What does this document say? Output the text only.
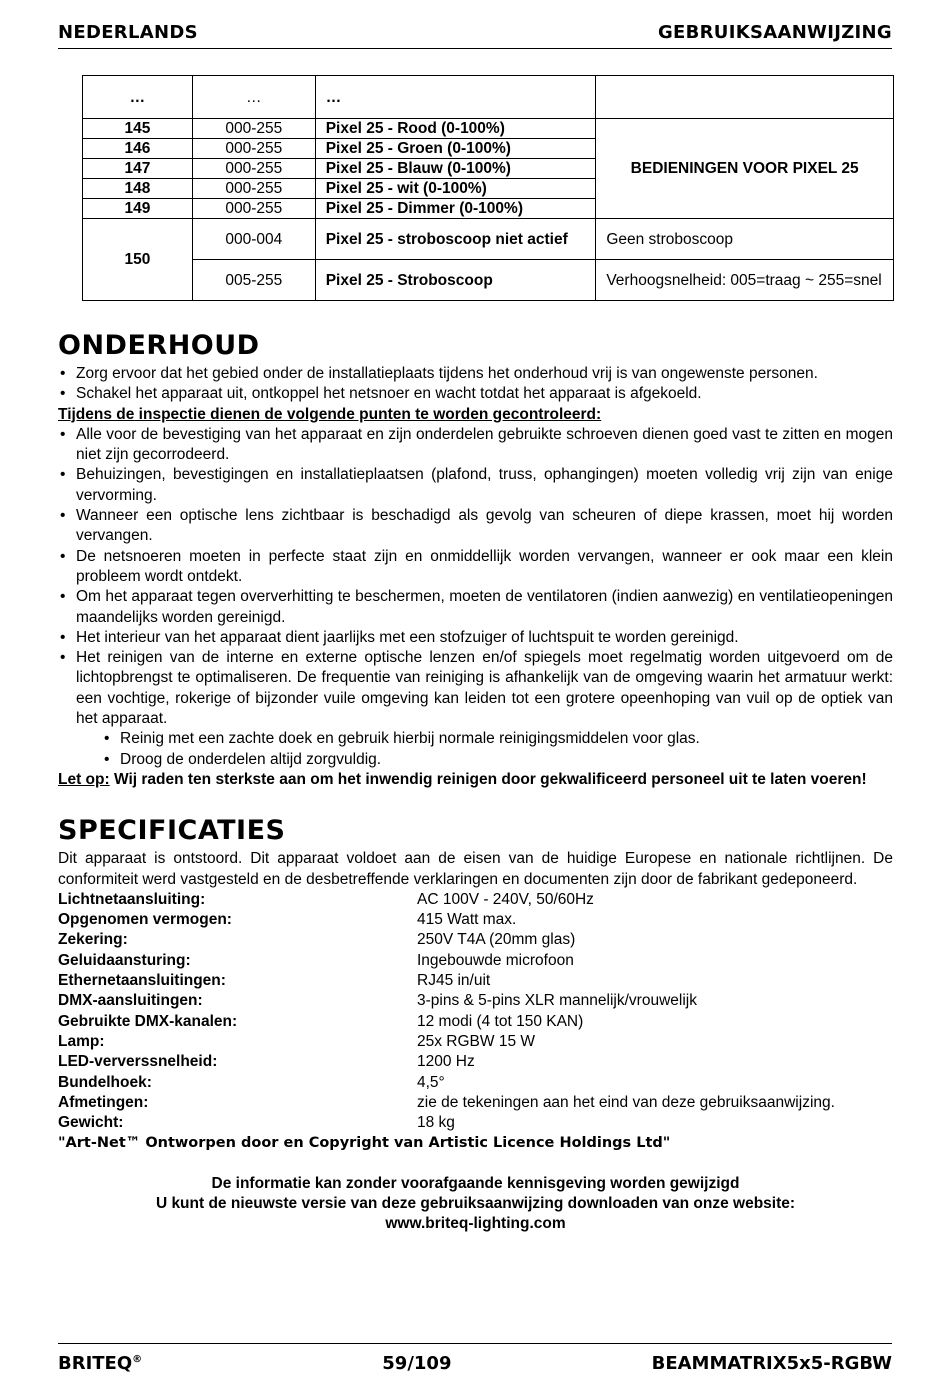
NEDERLANDS	GEBRUIKSAANWIJZING
…	…	…	
145	000-255	Pixel 25 - Rood (0-100%)	BEDIENINGEN VOOR PIXEL 25
146	000-255	Pixel 25 - Groen (0-100%)	
147	000-255	Pixel 25 - Blauw (0-100%)	
148	000-255	Pixel 25 - wit (0-100%)	
149	000-255	Pixel 25 - Dimmer (0-100%)	
150	000-004	Pixel 25 - stroboscoop niet actief	Geen stroboscoop
	005-255	Pixel 25 - Stroboscoop	Verhoogsnelheid: 005=traag ~ 255=snel
ONDERHOUD
• Zorg ervoor dat het gebied onder de installatieplaats tijdens het onderhoud vrij is van ongewenste personen.
• Schakel het apparaat uit, ontkoppel het netsnoer en wacht totdat het apparaat is afgekoeld.
Tijdens de inspectie dienen de volgende punten te worden gecontroleerd:
• Alle voor de bevestiging van het apparaat en zijn onderdelen gebruikte schroeven dienen goed vast te zitten en mogen niet zijn gecorrodeerd.
• Behuizingen, bevestigingen en installatieplaatsen (plafond, truss, ophangingen) moeten volledig vrij zijn van enige vervorming.
• Wanneer een optische lens zichtbaar is beschadigd als gevolg van scheuren of diepe krassen, moet hij worden vervangen.
• De netsnoeren moeten in perfecte staat zijn en onmiddellijk worden vervangen, wanneer er ook maar een klein probleem wordt ontdekt.
• Om het apparaat tegen oververhitting te beschermen, moeten de ventilatoren (indien aanwezig) en ventilatieopeningen maandelijks worden gereinigd.
• Het interieur van het apparaat dient jaarlijks met een stofzuiger of luchtspuit te worden gereinigd.
• Het reinigen van de interne en externe optische lenzen en/of spiegels moet regelmatig worden uitgevoerd om de lichtopbrengst te optimaliseren. De frequentie van reiniging is afhankelijk van de omgeving waarin het armatuur werkt: een vochtige, rokerige of bijzonder vuile omgeving kan leiden tot een grotere opeenhoping van vuil op de optiek van het apparaat.
• Reinig met een zachte doek en gebruik hierbij normale reinigingsmiddelen voor glas.
• Droog de onderdelen altijd zorgvuldig.

Let op: Wij raden ten sterkste aan om het inwendig reinigen door gekwalificeerd personeel uit te laten voeren!

SPECIFICATIES

Dit apparaat is ontstoord. Dit apparaat voldoet aan de eisen van de huidige Europese en nationale richtlijnen. De conformiteit werd vastgesteld en de desbetreffende verklaringen en documenten zijn door de fabrikant gedeponeerd.

Lichtnetaansluiting:	AC 100V - 240V, 50/60Hz
Opgenomen vermogen:	415 Watt max.
Zekering:	250V T4A (20mm glas)
Geluidaansturing:	Ingebouwde microfoon
Ethernetaansluitingen:	RJ45 in/uit
DMX-aansluitingen:	3-pins & 5-pins XLR mannelijk/vrouwelijk
Gebruikte DMX-kanalen:	12 modi (4 tot 150 KAN)
Lamp:	25x RGBW 15 W
LED-ververssnelheid:	1200 Hz
Bundelhoek:	4,5°
Afmetingen:	zie de tekeningen aan het eind van deze gebruiksaanwijzing.
Gewicht:	18 kg
"Art-Net™ Ontworpen door en Copyright van Artistic Licence Holdings Ltd"
De informatie kan zonder voorafgaande kennisgeving worden gewijzigd
U kunt de nieuwste versie van deze gebruiksaanwijzing downloaden van onze website:
www.briteq-lighting.com
BRITEQ®	59/109	BEAMMATRIX5x5-RGBW
